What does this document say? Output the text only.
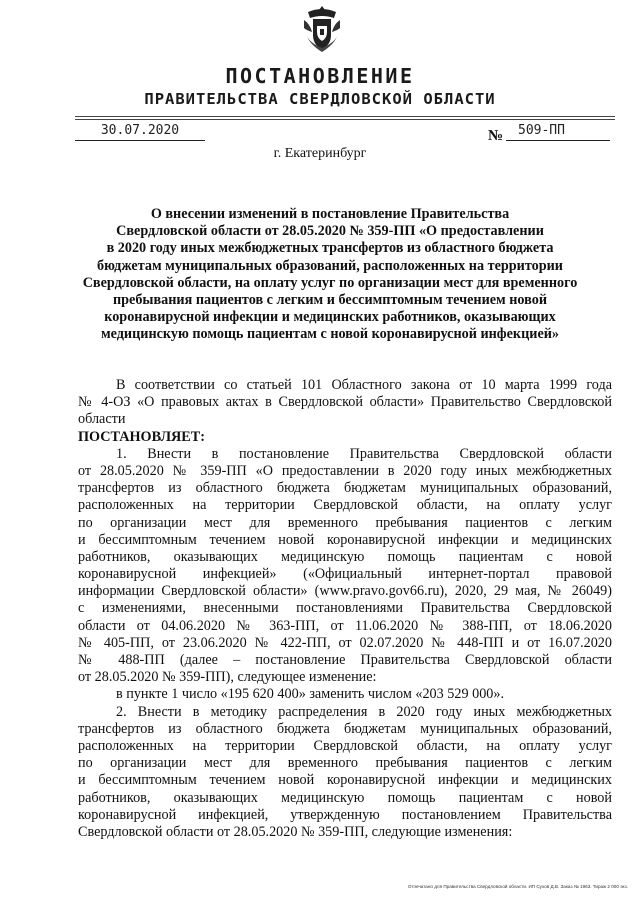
ПОСТАНОВЛЕНИЕ
ПРАВИТЕЛЬСТВА СВЕРДЛОВСКОЙ ОБЛАСТИ
30.07.2020	№	509-ПП
г. Екатеринбург
О внесении изменений в постановление Правительства
Свердловской области от 28.05.2020 № 359-ПП «О предоставлении
в 2020 году иных межбюджетных трансфертов из областного бюджета
бюджетам муниципальных образований, расположенных на территории
Свердловской области, на оплату услуг по организации мест для временного
пребывания пациентов с легким и бессимптомным течением новой
коронавирусной инфекции и медицинских работников, оказывающих
медицинскую помощь пациентам с новой коронавирусной инфекцией»
В соответствии со статьей 101 Областного закона от 10 марта 1999 года
№ 4-ОЗ «О правовых актах в Свердловской области» Правительство Свердловской
области
ПОСТАНОВЛЯЕТ:
1. Внести в постановление Правительства Свердловской области
от 28.05.2020 № 359-ПП «О предоставлении в 2020 году иных межбюджетных
трансфертов из областного бюджета бюджетам муниципальных образований,
расположенных на территории Свердловской области, на оплату услуг
по организации мест для временного пребывания пациентов с легким
и бессимптомным течением новой коронавирусной инфекции и медицинских
работников, оказывающих медицинскую помощь пациентам с новой
коронавирусной инфекцией» («Официальный интернет-портал правовой
информации Свердловской области» (www.pravo.gov66.ru), 2020, 29 мая, № 26049)
с изменениями, внесенными постановлениями Правительства Свердловской
области от 04.06.2020 № 363-ПП, от 11.06.2020 № 388-ПП, от 18.06.2020
№ 405-ПП, от 23.06.2020 № 422-ПП, от 02.07.2020 № 448-ПП и от 16.07.2020
№ 488-ПП (далее – постановление Правительства Свердловской области
от 28.05.2020 № 359-ПП), следующее изменение:
в пункте 1 число «195 620 400» заменить числом «203 529 000».
2. Внести в методику распределения в 2020 году иных межбюджетных
трансфертов из областного бюджета бюджетам муниципальных образований,
расположенных на территории Свердловской области, на оплату услуг
по организации мест для временного пребывания пациентов с легким
и бессимптомным течением новой коронавирусной инфекции и медицинских
работников, оказывающих медицинскую помощь пациентам с новой
коронавирусной инфекцией, утвержденную постановлением Правительства
Свердловской области от 28.05.2020 № 359-ПП, следующие изменения:
Отпечатано для Правительства Свердловской области. ИП Сухов Д.В. Заказ № 1963. Тираж 2 000 экз.
